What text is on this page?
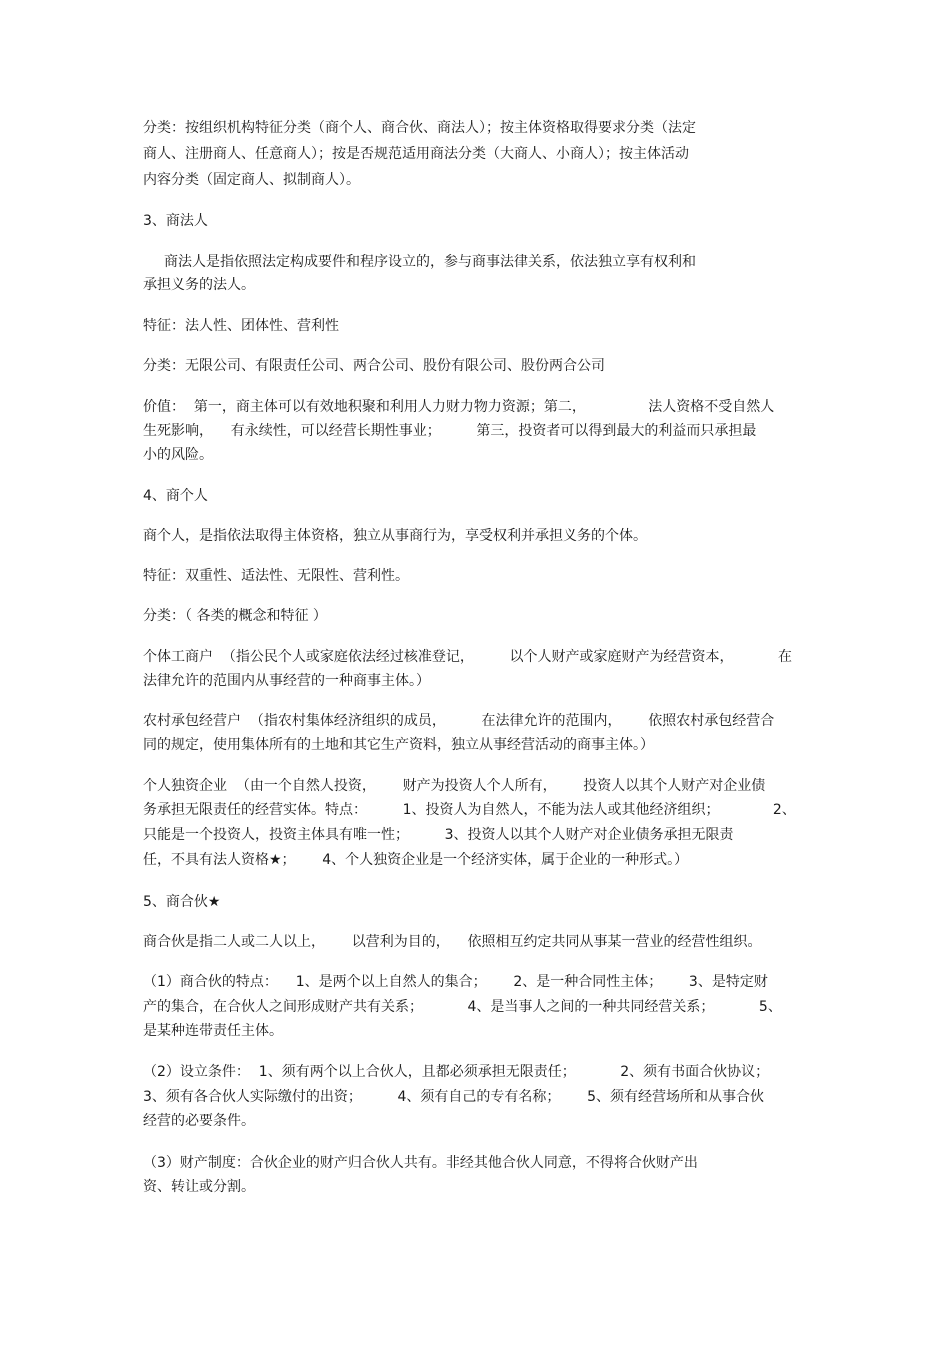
分类：按组织机构特征分类（商个人、商合伙、商法人）；按主体资格取得要求分类（法定
商人、注册商人、任意商人）；按是否规范适用商法分类（大商人、小商人）；按主体活动
内容分类（固定商人、拟制商人）。
3、商法人
商法人是指依照法定构成要件和程序设立的，参与商事法律关系，依法独立享有权利和
承担义务的法人。
特征：法人性、团体性、营利性
分类：无限公司、有限责任公司、两合公司、股份有限公司、股份两合公司
价值：  第一，商主体可以有效地积聚和利用人力财力物力资源；第二，              法人资格不受自然人
生死影响，    有永续性，可以经营长期性事业；        第三，投资者可以得到最大的利益而只承担最
小的风险。
4、商个人
商个人，是指依法取得主体资格，独立从事商行为，享受权利并承担义务的个体。
特征：双重性、适法性、无限性、营利性。
分类：（ 各类的概念和特征 ）
个体工商户  （指公民个人或家庭依法经过核准登记，        以个人财产或家庭财产为经营资本，          在
法律允许的范围内从事经营的一种商事主体。）
农村承包经营户  （指农村集体经济组织的成员，        在法律允许的范围内，      依照农村承包经营合
同的规定，使用集体所有的土地和其它生产资料，独立从事经营活动的商事主体。）
个人独资企业  （由一个自然人投资，      财产为投资人个人所有，      投资人以其个人财产对企业债
务承担无限责任的经营实体。特点：        1、投资人为自然人，不能为法人或其他经济组织；            2、
只能是一个投资人，投资主体具有唯一性；        3、投资人以其个人财产对企业债务承担无限责
任，不具有法人资格★；      4、个人独资企业是一个经济实体，属于企业的一种形式。）
5、商合伙★
商合伙是指二人或二人以上，      以营利为目的，    依照相互约定共同从事某一营业的经营性组织。
（1）商合伙的特点：    1、是两个以上自然人的集合；      2、是一种合同性主体；      3、是特定财
产的集合，在合伙人之间形成财产共有关系；          4、是当事人之间的一种共同经营关系；          5、
是某种连带责任主体。
（2）设立条件：  1、须有两个以上合伙人，且都必须承担无限责任；          2、须有书面合伙协议；
3、须有各合伙人实际缴付的出资；        4、须有自己的专有名称；      5、须有经营场所和从事合伙
经营的必要条件。
（3）财产制度：合伙企业的财产归合伙人共有。非经其他合伙人同意，不得将合伙财产出
资、转让或分割。
